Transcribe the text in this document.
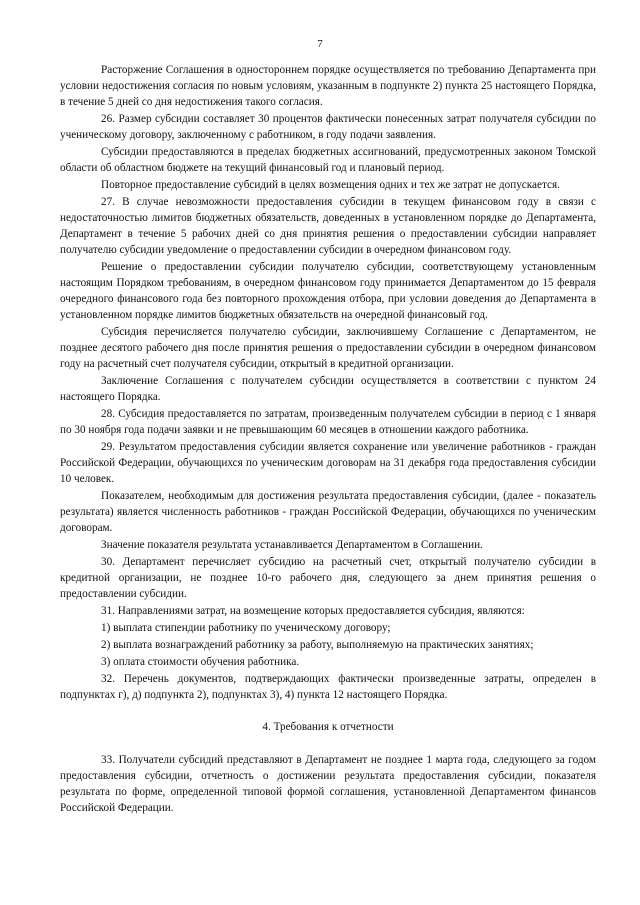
7

Расторжение Соглашения в одностороннем порядке осуществляется по требованию Департамента при условии недостижения согласия по новым условиям, указанным в подпункте 2) пункта 25 настоящего Порядка, в течение 5 дней со дня недостижения такого согласия.

26. Размер субсидии составляет 30 процентов фактически понесенных затрат получателя субсидии по ученическому договору, заключенному с работником, в году подачи заявления.

Субсидии предоставляются в пределах бюджетных ассигнований, предусмотренных законом Томской области об областном бюджете на текущий финансовый год и плановый период.

Повторное предоставление субсидий в целях возмещения одних и тех же затрат не допускается.

27. В случае невозможности предоставления субсидии в текущем финансовом году в связи с недостаточностью лимитов бюджетных обязательств, доведенных в установленном порядке до Департамента, Департамент в течение 5 рабочих дней со дня принятия решения о предоставлении субсидии направляет получателю субсидии уведомление о предоставлении субсидии в очередном финансовом году.

Решение о предоставлении субсидии получателю субсидии, соответствующему установленным настоящим Порядком требованиям, в очередном финансовом году принимается Департаментом до 15 февраля очередного финансового года без повторного прохождения отбора, при условии доведения до Департамента в установленном порядке лимитов бюджетных обязательств на очередной финансовый год.

Субсидия перечисляется получателю субсидии, заключившему Соглашение с Департаментом, не позднее десятого рабочего дня после принятия решения о предоставлении субсидии в очередном финансовом году на расчетный счет получателя субсидии, открытый в кредитной организации.

Заключение Соглашения с получателем субсидии осуществляется в соответствии с пунктом 24 настоящего Порядка.

28. Субсидия предоставляется по затратам, произведенным получателем субсидии в период с 1 января по 30 ноября года подачи заявки и не превышающим 60 месяцев в отношении каждого работника.

29. Результатом предоставления субсидии является сохранение или увеличение работников - граждан Российской Федерации, обучающихся по ученическим договорам на 31 декабря года предоставления субсидии 10 человек.

Показателем, необходимым для достижения результата предоставления субсидии, (далее - показатель результата) является численность работников - граждан Российской Федерации, обучающихся по ученическим договорам.

Значение показателя результата устанавливается Департаментом в Соглашении.

30. Департамент перечисляет субсидию на расчетный счет, открытый получателю субсидии в кредитной организации, не позднее 10-го рабочего дня, следующего за днем принятия решения о предоставлении субсидии.

31. Направлениями затрат, на возмещение которых предоставляется субсидия, являются:

1) выплата стипендии работнику по ученическому договору;

2) выплата вознаграждений работнику за работу, выполняемую на практических занятиях;

3) оплата стоимости обучения работника.

32. Перечень документов, подтверждающих фактически произведенные затраты, определен в подпунктах г), д) подпункта 2), подпунктах 3), 4) пункта 12 настоящего Порядка.

4. Требования к отчетности

33. Получатели субсидий представляют в Департамент не позднее 1 марта года, следующего за годом предоставления субсидии, отчетность о достижении результата предоставления субсидии, показателя результата по форме, определенной типовой формой соглашения, установленной Департаментом финансов Российской Федерации.
